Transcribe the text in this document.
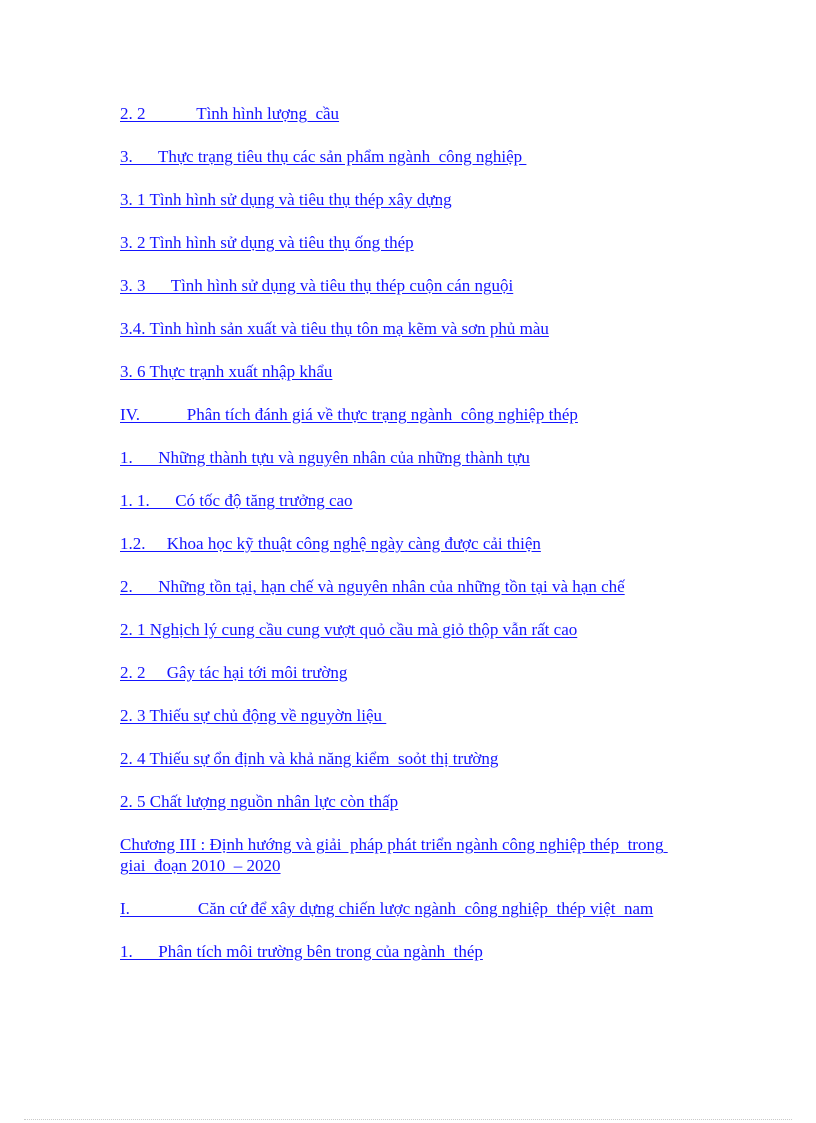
2. 2            Tình hình lượng  cầu
3.      Thực trạng tiêu thụ các sản phẩm ngành  công nghiệp
3. 1 Tình hình sử dụng và tiêu thụ thép xây dựng
3. 2 Tình hình sử dụng và tiêu thụ ống thép
3. 3      Tình hình sử dụng và tiêu thụ thép cuộn cán nguội
3.4. Tình hình sản xuất và tiêu thụ tôn mạ kẽm và sơn phủ màu
3. 6 Thực trạnh xuất nhập khẩu
IV.           Phân tích đánh giá về thực trạng ngành  công nghiệp thép
1.      Những thành tựu và nguyên nhân của những thành tựu
1. 1.      Có tốc độ tăng trưởng cao
1.2.     Khoa học kỹ thuật công nghệ ngày càng được cải thiện
2.      Những tồn tại, hạn chế và nguyên nhân của những tồn tại và hạn chế
2. 1 Nghịch lý cung cầu cung vượt quỏ cầu mà giỏ thộp vẫn rất cao
2. 2     Gây tác hại tới môi trường
2. 3 Thiếu sự chủ động về nguyờn liệu
2. 4 Thiếu sự ổn định và khả năng kiểm  soỏt thị trường
2. 5 Chất lượng nguồn nhân lực còn thấp
Chương III : Định hướng và giải  pháp phát triển ngành công nghiệp thép  trong giai  đoạn 2010  – 2020
I.                Căn cứ để xây dựng chiến lược ngành  công nghiệp  thép việt  nam
1.      Phân tích môi trường bên trong của ngành  thép
